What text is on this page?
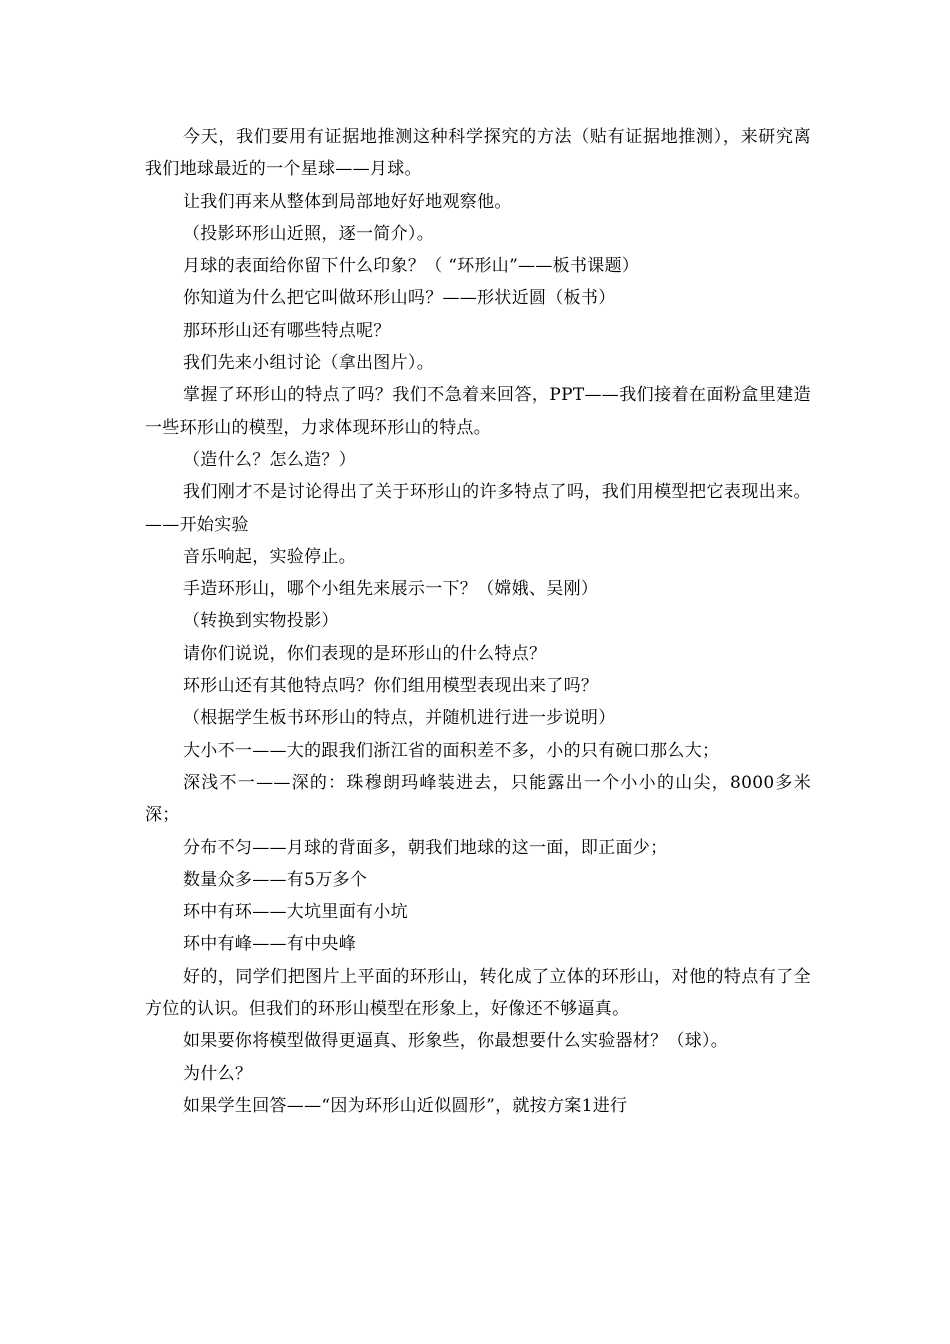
今天，我们要用有证据地推测这种科学探究的方法（贴有证据地推测），来研究离我们地球最近的一个星球——月球。

让我们再来从整体到局部地好好地观察他。

（投影环形山近照，逐一简介）。

月球的表面给你留下什么印象？（ “环形山”——板书课题）

你知道为什么把它叫做环形山吗？——形状近圆（板书）

那环形山还有哪些特点呢？

我们先来小组讨论（拿出图片）。

掌握了环形山的特点了吗？我们不急着来回答，PPT——我们接着在面粉盒里建造一些环形山的模型，力求体现环形山的特点。

（造什么？怎么造？）

我们刚才不是讨论得出了关于环形山的许多特点了吗，我们用模型把它表现出来。——开始实验

音乐响起，实验停止。

手造环形山，哪个小组先来展示一下？（嫦娥、吴刚）

（转换到实物投影）

请你们说说，你们表现的是环形山的什么特点？

环形山还有其他特点吗？你们组用模型表现出来了吗？

（根据学生板书环形山的特点，并随机进行进一步说明）

大小不一——大的跟我们浙江省的面积差不多，小的只有碗口那么大；

深浅不一——深的：珠穆朗玛峰装进去，只能露出一个小小的山尖，8000多米深；

分布不匀——月球的背面多，朝我们地球的这一面，即正面少；

数量众多——有5万多个

环中有环——大坑里面有小坑

环中有峰——有中央峰

好的，同学们把图片上平面的环形山，转化成了立体的环形山，对他的特点有了全方位的认识。但我们的环形山模型在形象上，好像还不够逼真。

如果要你将模型做得更逼真、形象些，你最想要什么实验器材？（球）。

为什么？

如果学生回答——“因为环形山近似圆形”，就按方案1进行
